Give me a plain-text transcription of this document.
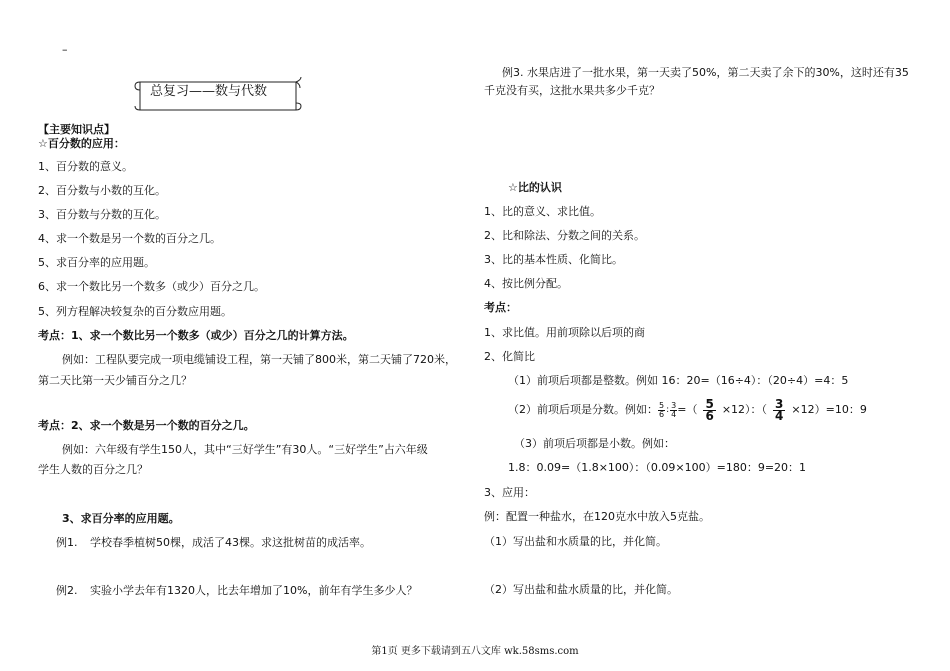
–
总复习——数与代数
【主要知识点】
☆百分数的应用：
1、百分数的意义。
2、百分数与小数的互化。
3、百分数与分数的互化。
4、求一个数是另一个数的百分之几。
5、求百分率的应用题。
6、求一个数比另一个数多（或少）百分之几。
5、列方程解决较复杂的百分数应用题。
考点：1、求一个数比另一个数多（或少）百分之几的计算方法。
例如：工程队要完成一项电缆铺设工程，第一天铺了800米，第二天铺了720米，
第二天比第一天少铺百分之几？
考点：2、求一个数是另一个数的百分之几。
例如：六年级有学生150人，其中“三好学生”有30人。“三好学生”占六年级
学生人数的百分之几？
3、求百分率的应用题。
例1. 学校春季植树50棵，成活了43棵。求这批树苗的成活率。
例2. 实验小学去年有1320人，比去年增加了10%，前年有学生多少人？
例3. 水果店进了一批水果，第一天卖了50%，第二天卖了余下的30%，这时还有35
千克没有买，这批水果共多少千克？
☆比的认识
1、比的意义、求比值。
2、比和除法、分数之间的关系。
3、比的基本性质、化简比。
4、按比例分配。
考点：
1、求比值。用前项除以后项的商
2、化简比
（1）前项后项都是整数。例如 16：20=（16÷4）：（20÷4）=4：5
（2）前项后项是分数。例如： $\frac{5}{6}$ : $\frac{3}{4}$ =（ $\frac{5}{6} \times 12$）：（ $\frac{3}{4} \times 12)=10$：9
（3）前项后项都是小数。例如：
1.8：0.09=（1.8×100）：（0.09×100）=180：9=20：1
3、应用：
例：配置一种盐水，在120克水中放入5克盐。
（1）写出盐和水质量的比，并化简。
（2）写出盐和盐水质量的比，并化简。
第1页 更多下载请到五八文库 wk.58sms.com
